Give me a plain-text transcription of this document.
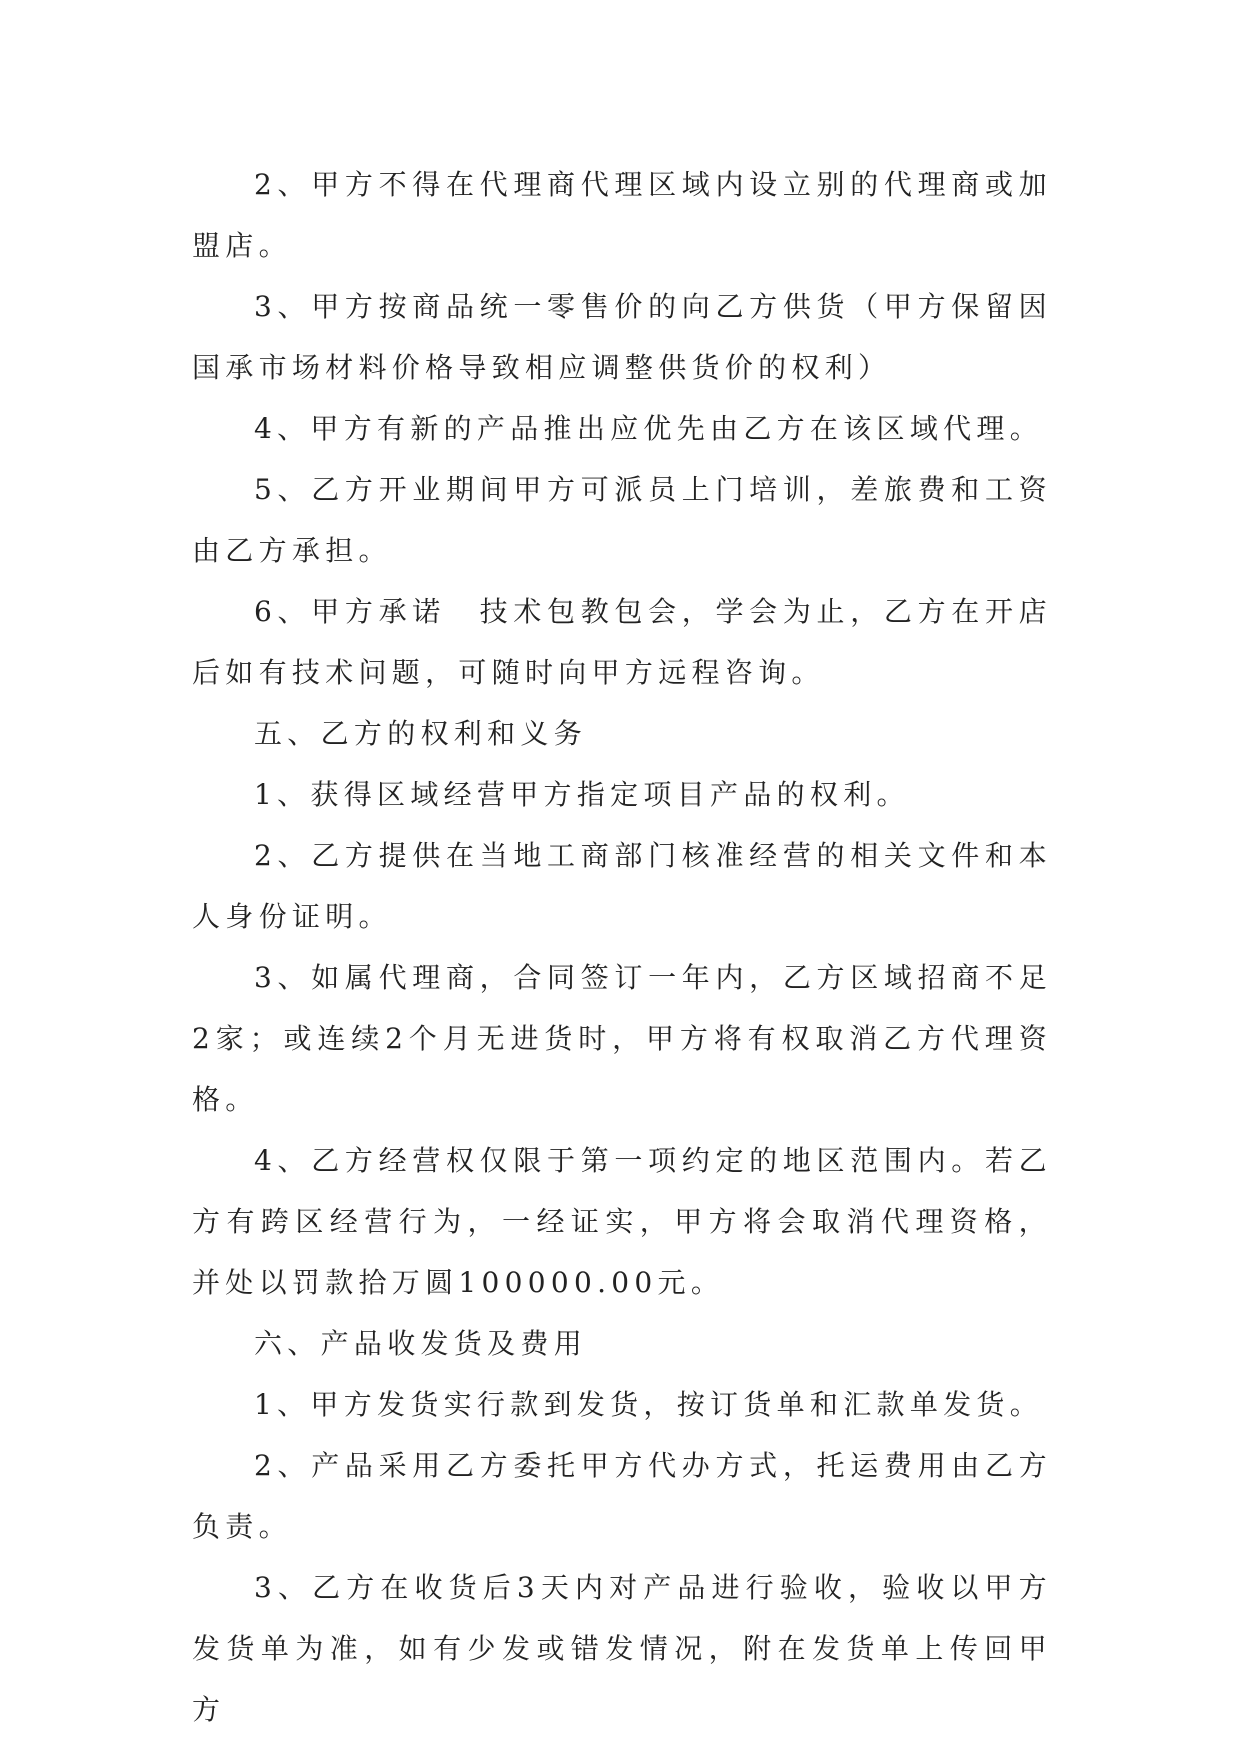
2、甲方不得在代理商代理区域内设立别的代理商或加盟店。

3、甲方按商品统一零售价的向乙方供货（甲方保留因国承市场材料价格导致相应调整供货价的权利）

4、甲方有新的产品推出应优先由乙方在该区域代理。

5、乙方开业期间甲方可派员上门培训，差旅费和工资由乙方承担。

6、甲方承诺　技术包教包会，学会为止，乙方在开店后如有技术问题，可随时向甲方远程咨询。

五、乙方的权利和义务

1、获得区域经营甲方指定项目产品的权利。

2、乙方提供在当地工商部门核准经营的相关文件和本人身份证明。

3、如属代理商，合同签订一年内，乙方区域招商不足2家；或连续2个月无进货时，甲方将有权取消乙方代理资格。

4、乙方经营权仅限于第一项约定的地区范围内。若乙方有跨区经营行为，一经证实，甲方将会取消代理资格，并处以罚款拾万圆100000.00元。

六、产品收发货及费用

1、甲方发货实行款到发货，按订货单和汇款单发货。

2、产品采用乙方委托甲方代办方式，托运费用由乙方负责。

3、乙方在收货后3天内对产品进行验收，验收以甲方发货单为准，如有少发或错发情况，附在发货单上传回甲方
